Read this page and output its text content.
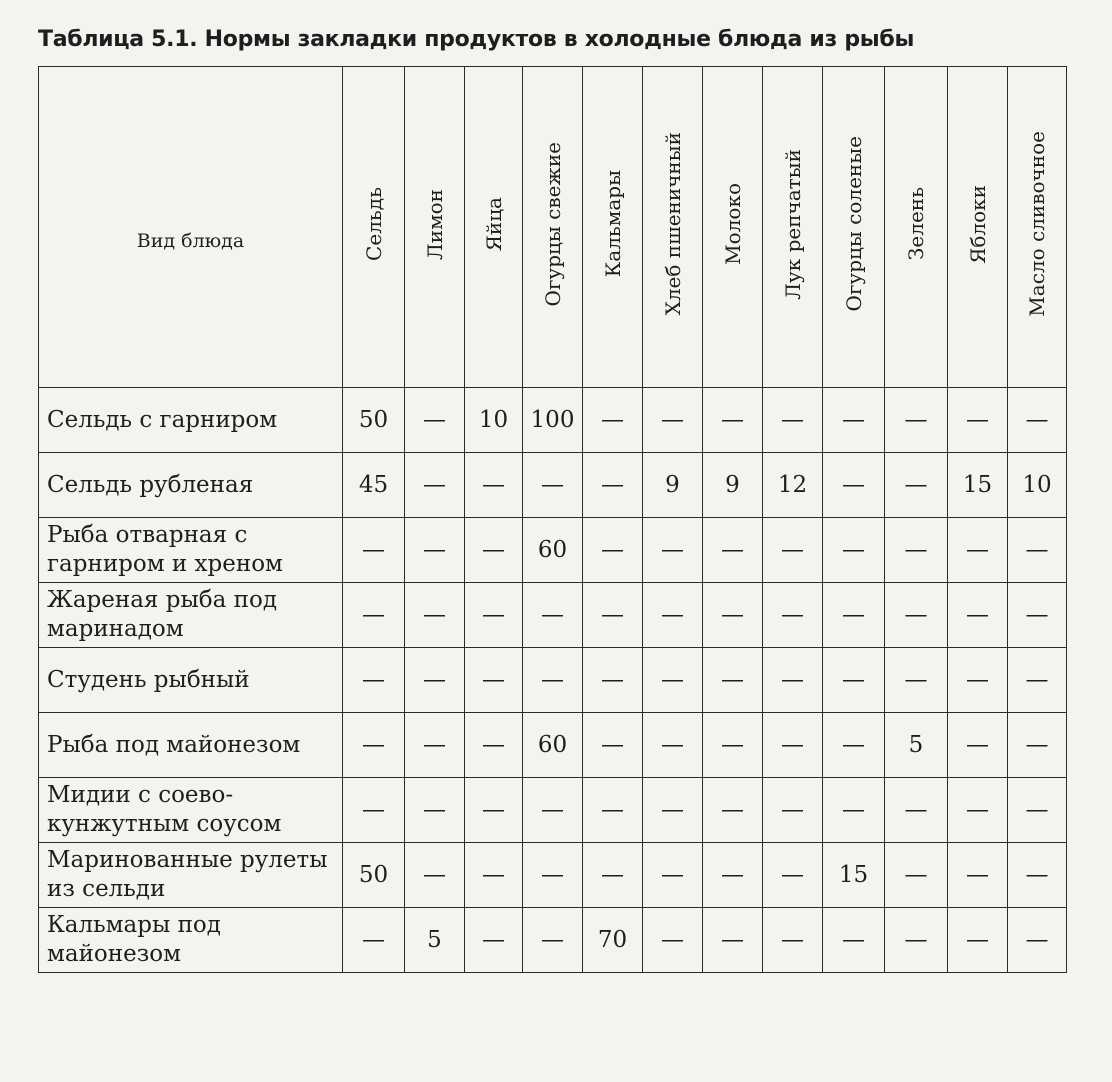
Таблица 5.1. Нормы закладки продуктов в холодные блюда из рыбы
Вид блюда	Сельдь	Лимон	Яйца	Огурцы свежие	Кальмары	Хлеб пшеничный	Молоко	Лук репчатый	Огурцы соленые	Зелень	Яблоки	Масло сливочное
Сельдь с гарниром	50	—	10	100	—	—	—	—	—	—	—	—
Сельдь рубленая	45	—	—	—	—	9	9	12	—	—	15	10
Рыба отварная с гарниром и хреном	—	—	—	60	—	—	—	—	—	—	—	—
Жареная рыба под маринадом	—	—	—	—	—	—	—	—	—	—	—	—
Студень рыбный	—	—	—	—	—	—	—	—	—	—	—	—
Рыба под майонезом	—	—	—	60	—	—	—	—	—	5	—	—
Мидии с соево-кунжутным соусом	—	—	—	—	—	—	—	—	—	—	—	—
Маринованные рулеты из сельди	50	—	—	—	—	—	—	—	15	—	—	—
Кальмары под майонезом	—	5	—	—	70	—	—	—	—	—	—	—
